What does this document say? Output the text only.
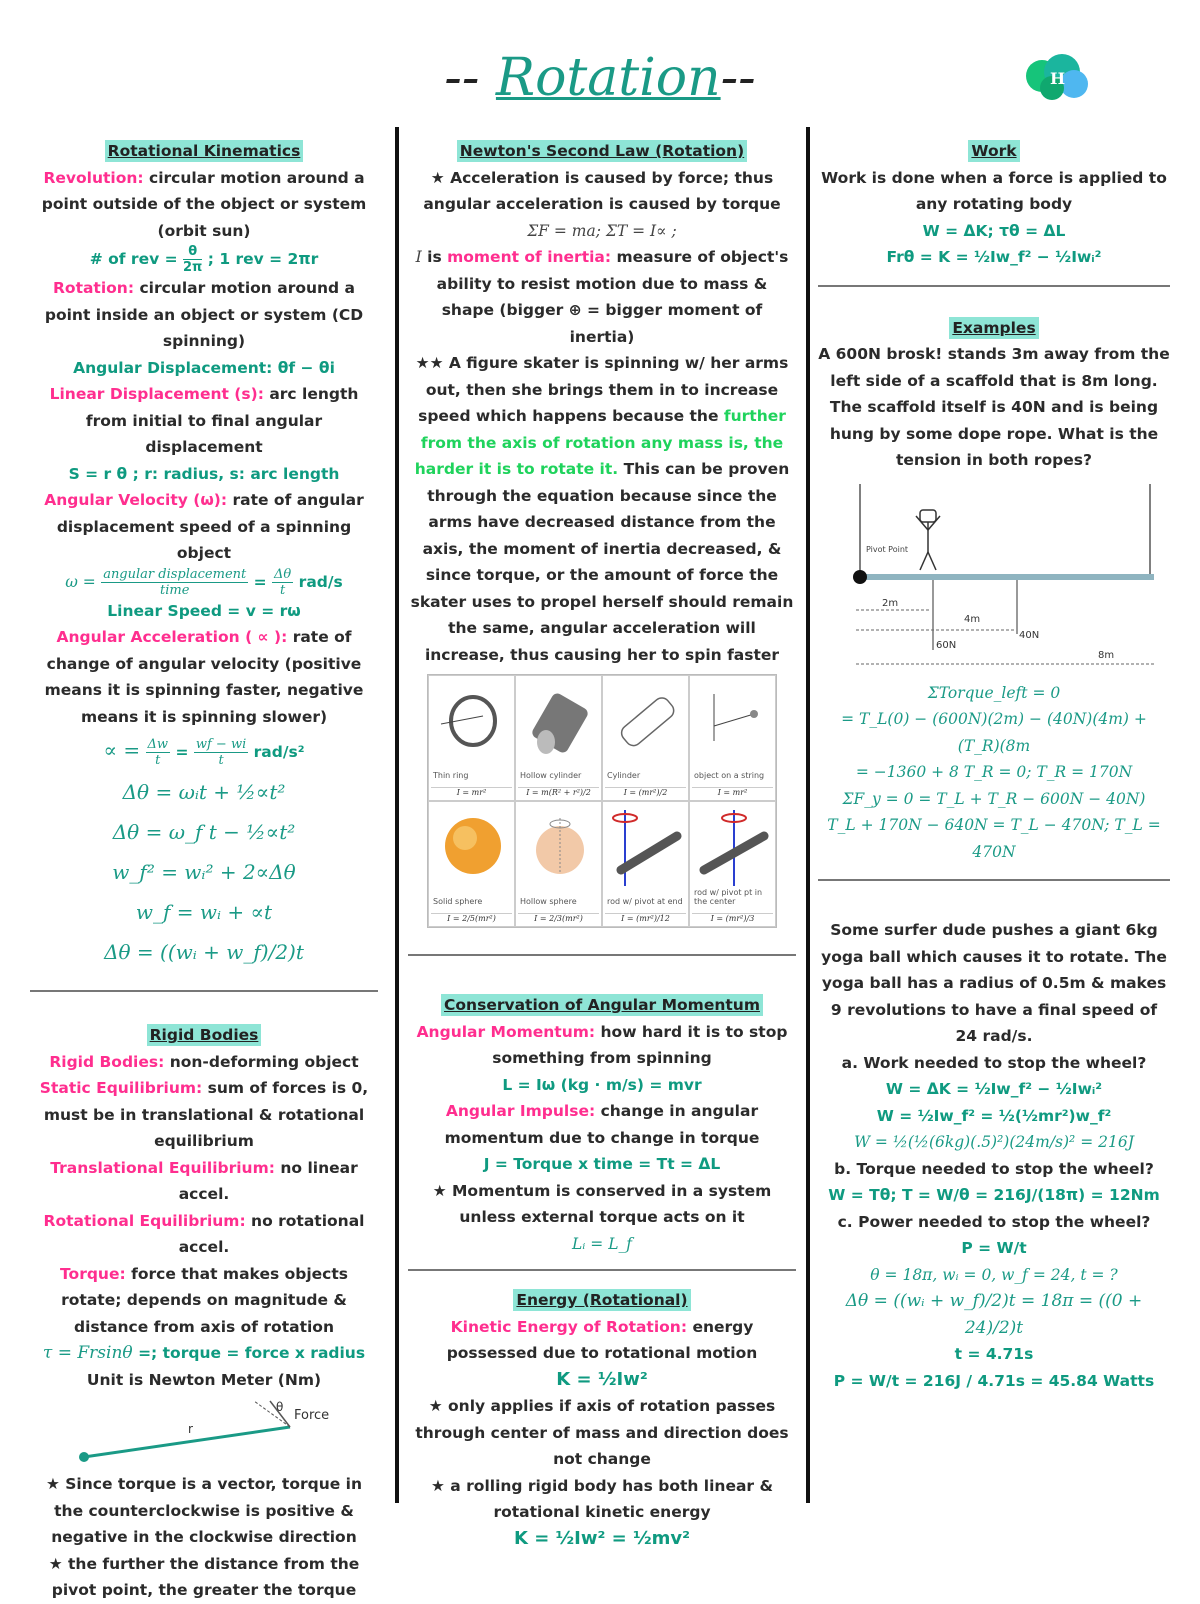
-- Rotation--	H

Rotational Kinematics

Revolution: circular motion around a point outside of the object or system (orbit sun)

# of rev = $\frac{\theta}{2\pi}$ ; 1 rev = 2πr

Rotation: circular motion around a point inside an object or system (CD spinning)

Angular Displacement: θf − θi

Linear Displacement (s): arc length from initial to final angular displacement

S = r θ ; r: radius, s: arc length

Angular Velocity (ω): rate of angular displacement speed of a spinning object

$\omega = \frac{\text{angular displacement}}{\text{time}} = \frac{\Delta\theta}{t} rad/s$

Linear Speed = v = rω

Angular Acceleration ( ∝ ): rate of change of angular velocity (positive means it is spinning faster, negative means it is spinning slower)

∝ = $\frac{\Delta w}{t} = \frac{wf - wi}{t} rad/s^2$

Δθ = ωᵢt + ½∝t²

Δθ = ω_f t − ½∝t²

w_f² = wᵢ² + 2∝Δθ

w_f = wᵢ + ∝t

Δθ = ((wᵢ + w_f)/2)t

Rigid Bodies

Rigid Bodies: non-deforming object

Static Equilibrium: sum of forces is 0, must be in translational & rotational equilibrium

Translational Equilibrium: no linear accel.

Rotational Equilibrium: no rotational accel.

Torque: force that makes objects rotate; depends on magnitude & distance from axis of rotation

τ = Frsinθ =; torque = force x radius

Unit is Newton Meter (Nm)

r
θ
Force

★ Since torque is a vector, torque in the counterclockwise is positive & negative in the clockwise direction

★ the further the distance from the pivot point, the greater the torque

Newton's Second Law (Rotation)

★ Acceleration is caused by force; thus angular acceleration is caused by torque

ΣF = ma; ΣT = I∝ ;

I is moment of inertia: measure of object's ability to resist motion due to mass & shape (bigger ⊕ = bigger moment of inertia)

★★ A figure skater is spinning w/ her arms out, then she brings them in to increase speed which happens because the further from the axis of rotation any mass is, the harder it is to rotate it. This can be proven through the equation because since the arms have decreased distance from the axis, the moment of inertia decreased, & since torque, or the amount of force the skater uses to propel herself should remain the same, angular acceleration will increase, thus causing her to spin faster

Thin ring
I = mr²
Hollow cylinder
I = m(R² + r²)/2
Cylinder
I = (mr²)/2
object on a string
I = mr²
Solid sphere
I = 2/5(mr²)
Hollow sphere
I = 2/3(mr²)
rod w/ pivot at end
I = (mr²)/12
rod w/ pivot pt in the center
I = (mr²)/3

Conservation of Angular Momentum

Angular Momentum: how hard it is to stop something from spinning

L = Iω (kg · m/s) = mvr

Angular Impulse: change in angular momentum due to change in torque

J = Torque x time = Tt = ΔL

★ Momentum is conserved in a system unless external torque acts on it

Lᵢ = L_f

Energy (Rotational)

Kinetic Energy of Rotation: energy possessed due to rotational motion

K = ½Iw²

★ only applies if axis of rotation passes through center of mass and direction does not change

★ a rolling rigid body has both linear & rotational kinetic energy

K = ½Iw² = ½mv²

Work

Work is done when a force is applied to any rotating body

W = ΔK; τθ = ΔL

Frθ = K = ½Iw_f² − ½Iwᵢ²

Examples

A 600N brosk! stands 3m away from the left side of a scaffold that is 8m long. The scaffold itself is 40N and is being hung by some dope rope. What is the tension in both ropes?

Pivot Point
2m
4m
40N
60N
8m

ΣTorque_left = 0

= T_L(0) − (600N)(2m) − (40N)(4m) + (T_R)(8m

= −1360 + 8 T_R = 0; T_R = 170N

ΣF_y = 0 = T_L + T_R − 600N − 40N)

T_L + 170N − 640N = T_L − 470N; T_L = 470N

Some surfer dude pushes a giant 6kg yoga ball which causes it to rotate. The yoga ball has a radius of 0.5m & makes 9 revolutions to have a final speed of 24 rad/s.

a. Work needed to stop the wheel?

W = ΔK = ½Iw_f² − ½Iwᵢ²

W = ½Iw_f² = ½(½mr²)w_f²

W = ½(½(6kg)(.5)²)(24m/s)² = 216J

b. Torque needed to stop the wheel?

W = Tθ; T = W/θ = 216J/(18π) = 12Nm

c. Power needed to stop the wheel?

P = W/t

θ = 18π, wᵢ = 0, w_f = 24, t = ?

Δθ = ((wᵢ + w_f)/2)t = 18π = ((0 + 24)/2)t

t = 4.71s

P = W/t = 216J / 4.71s = 45.84 Watts
